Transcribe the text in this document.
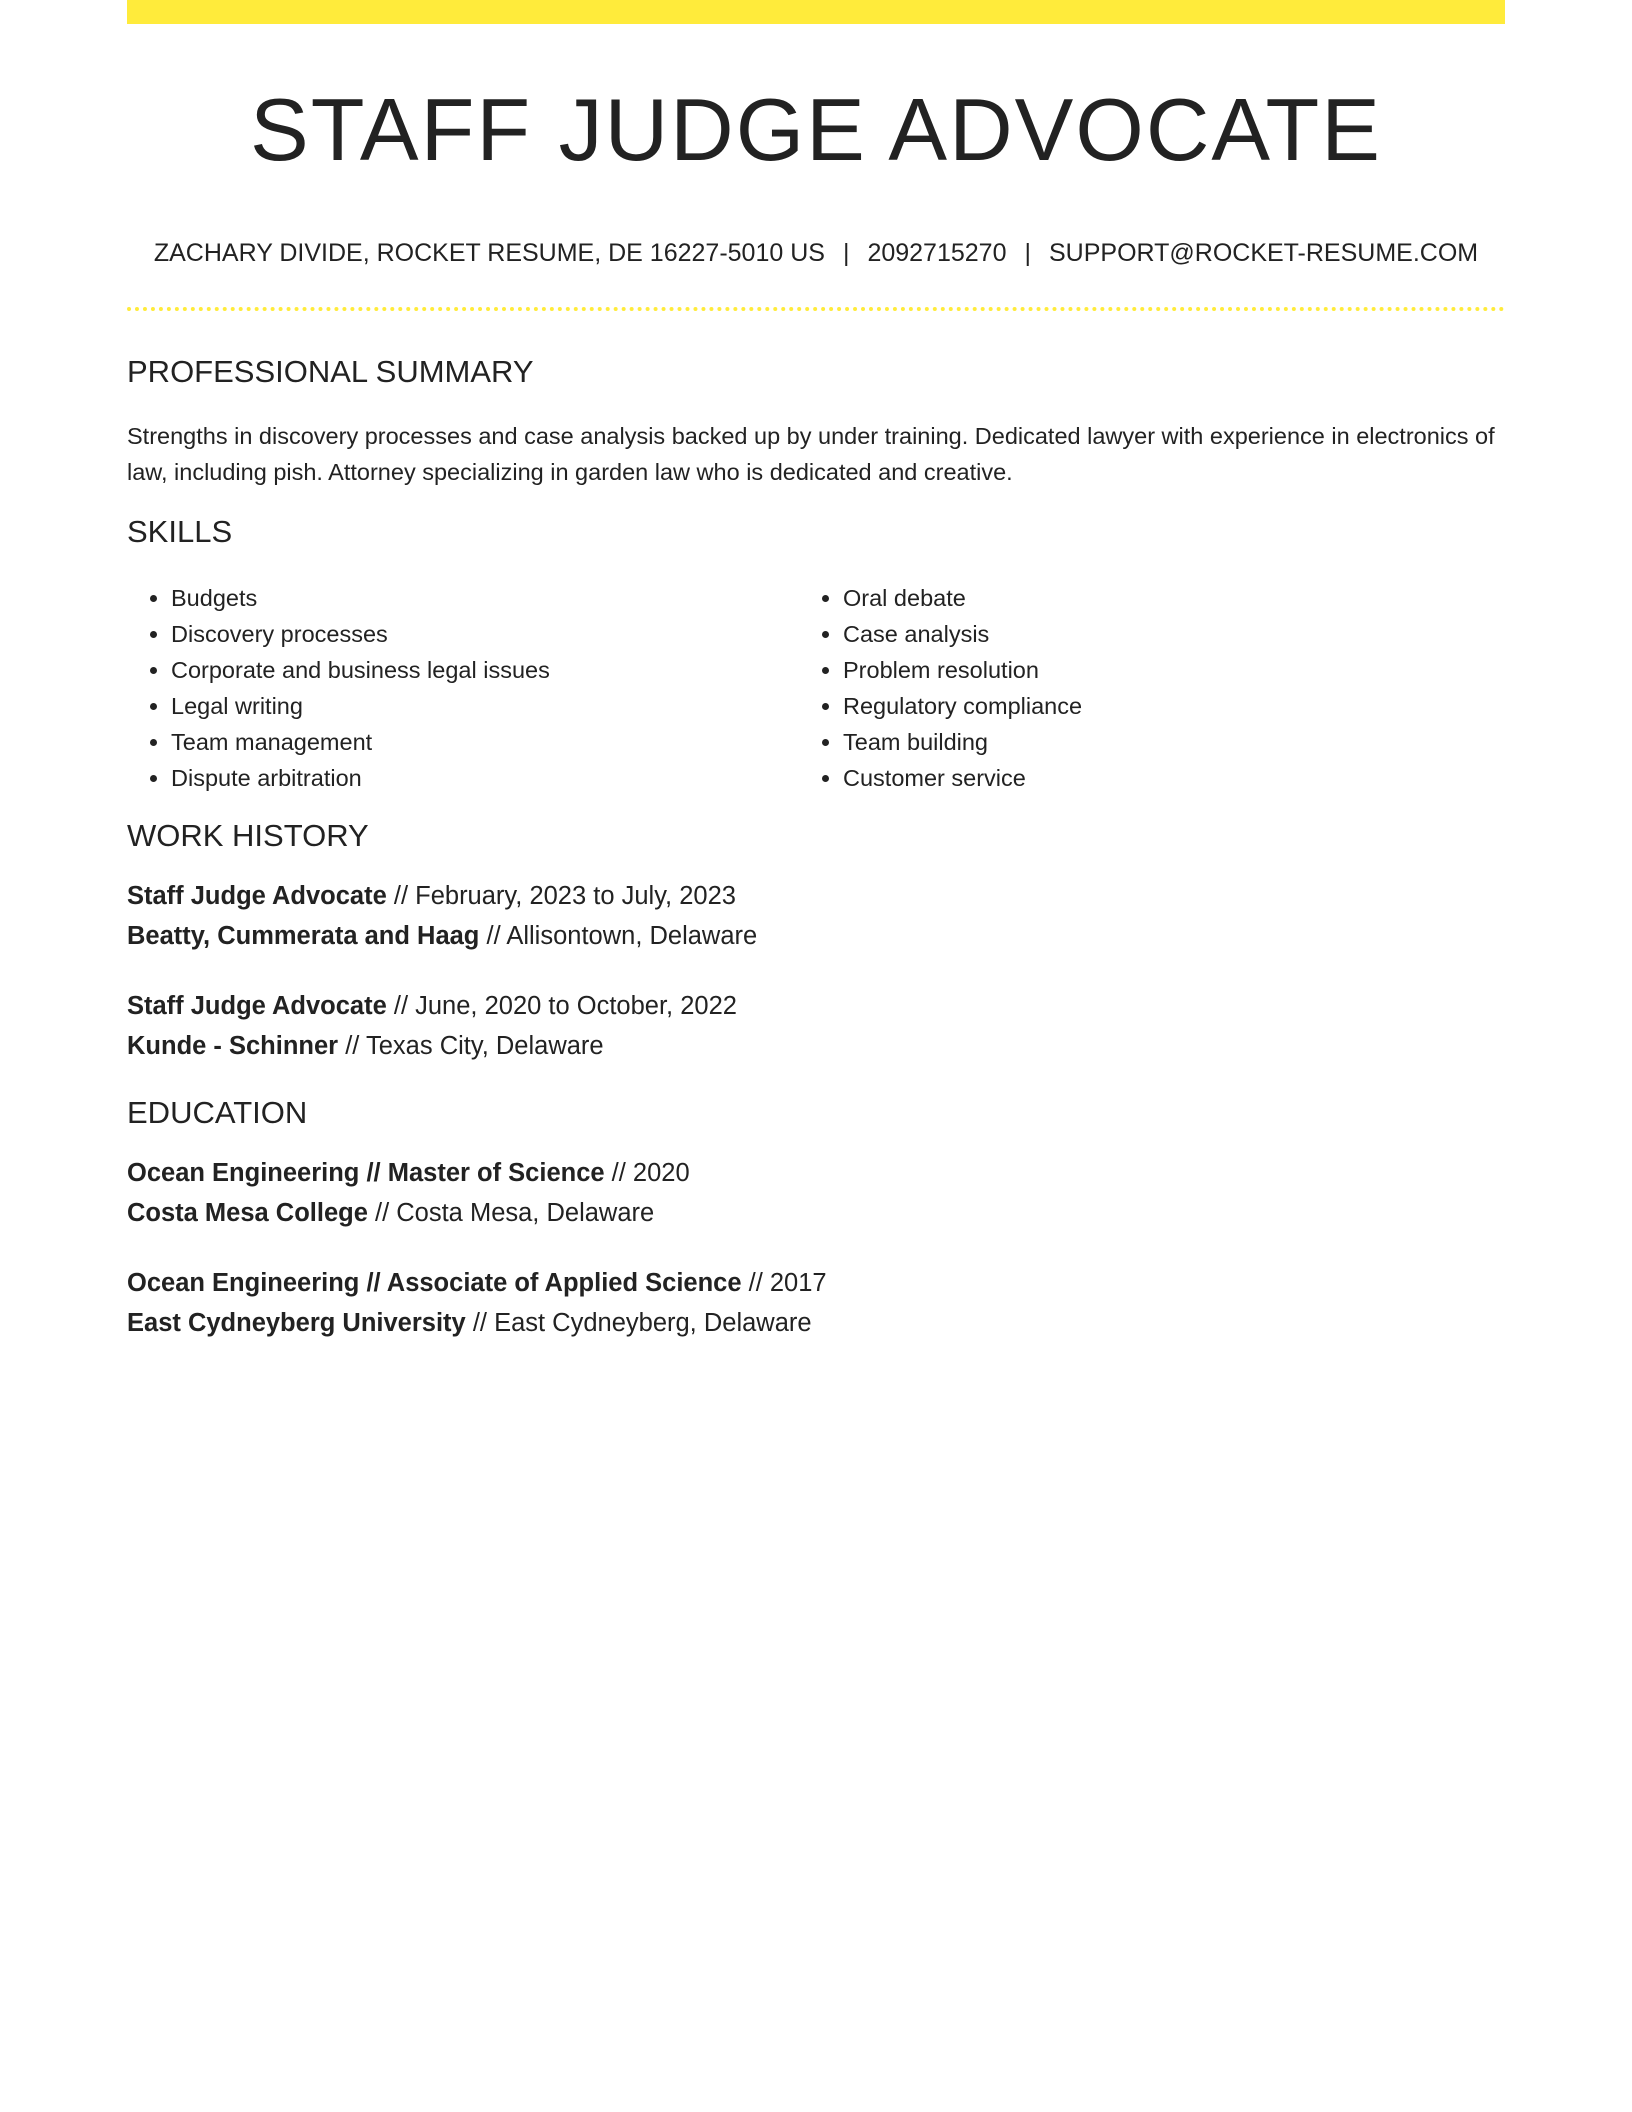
STAFF JUDGE ADVOCATE
ZACHARY DIVIDE, ROCKET RESUME, DE 16227-5010 US | 2092715270 | SUPPORT@ROCKET-RESUME.COM
PROFESSIONAL SUMMARY

Strengths in discovery processes and case analysis backed up by under training. Dedicated lawyer with experience in electronics of law, including pish. Attorney specializing in garden law who is dedicated and creative.

SKILLS
• Budgets
• Discovery processes
• Corporate and business legal issues
• Legal writing
• Team management
• Dispute arbitration
• Oral debate
• Case analysis
• Problem resolution
• Regulatory compliance
• Team building
• Customer service
WORK HISTORY
Staff Judge Advocate // February, 2023 to July, 2023
Beatty, Cummerata and Haag // Allisontown, Delaware
Staff Judge Advocate // June, 2020 to October, 2022
Kunde - Schinner // Texas City, Delaware
EDUCATION
Ocean Engineering // Master of Science // 2020
Costa Mesa College // Costa Mesa, Delaware
Ocean Engineering // Associate of Applied Science // 2017
East Cydneyberg University // East Cydneyberg, Delaware
